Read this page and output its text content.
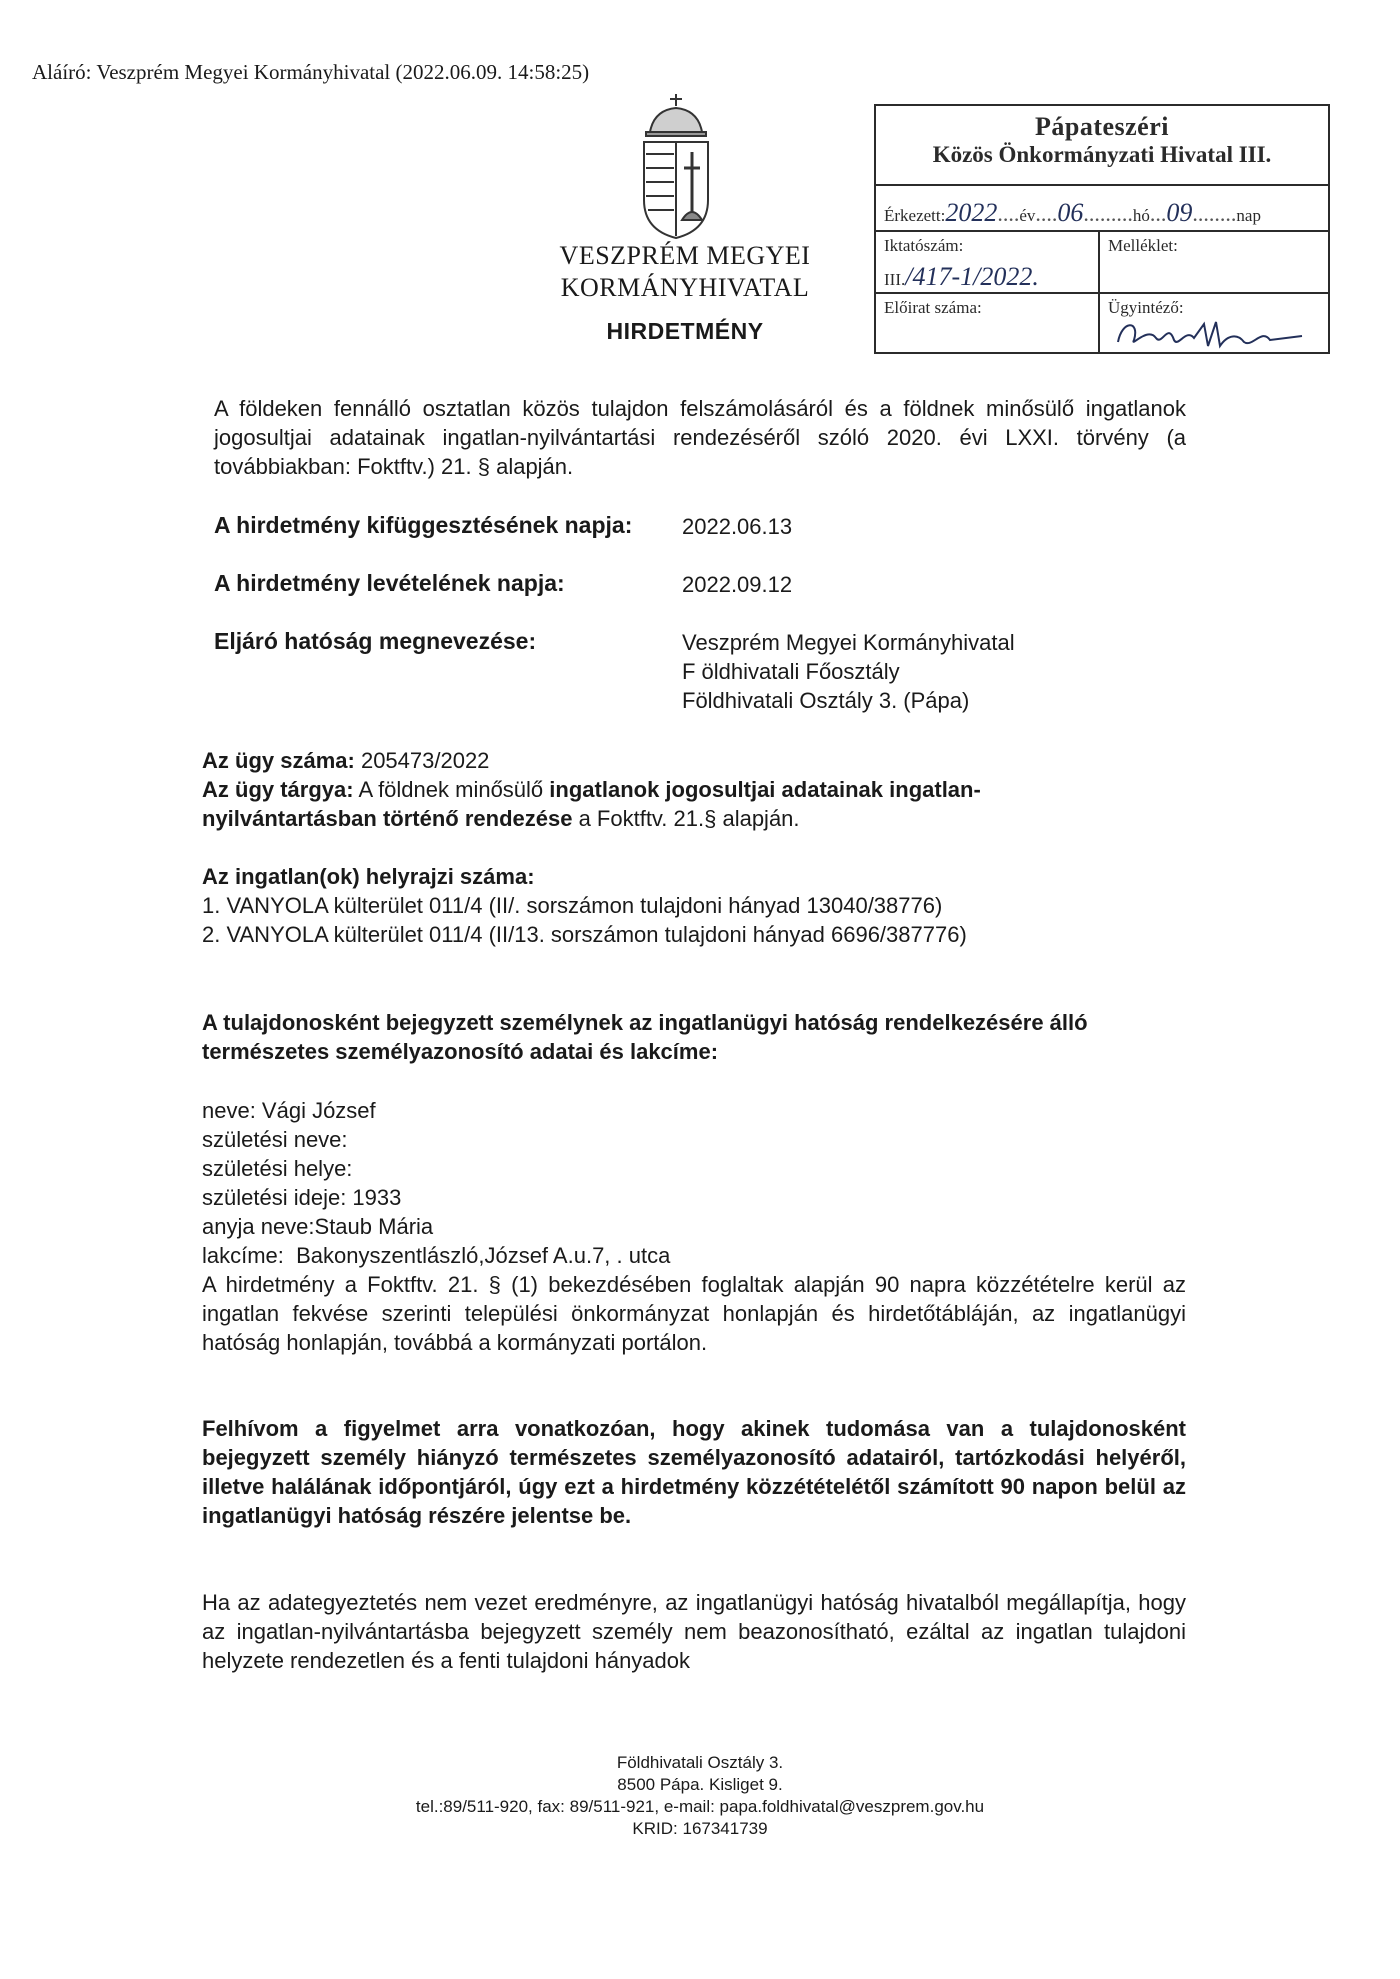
Aláíró: Veszprém Megyei Kormányhivatal (2022.06.09. 14:58:25)
VESZPRÉM MEGYEI
KORMÁNYHIVATAL
HIRDETMÉNY
Pápateszéri
Közös Önkormányzati Hivatal III.
Érkezett:2022....év....06.........hó...09........nap
Iktatószám:
III./417-1/2022.
Melléklet:
Előirat száma:	Ügyintéző:
A földeken fennálló osztatlan közös tulajdon felszámolásáról és a földnek minősülő ingatlanok jogosultjai adatainak ingatlan-nyilvántartási rendezéséről szóló 2020. évi LXXI. törvény (a továbbiakban: Foktftv.) 21. § alapján.
A hirdetmény kifüggesztésének napja: 2022.06.13
A hirdetmény levételének napja:	2022.09.12
Eljáró hatóság megnevezése:	Veszprém Megyei Kormányhivatal
F öldhivatali Főosztály
Földhivatali Osztály 3. (Pápa)
Az ügy száma: 205473/2022
Az ügy tárgya: A földnek minősülő ingatlanok jogosultjai adatainak ingatlan-
nyilvántartásban történő rendezése a Foktftv. 21.§ alapján.
Az ingatlan(ok) helyrajzi száma:
1. VANYOLA külterület 011/4 (II/. sorszámon tulajdoni hányad 13040/38776)
2. VANYOLA külterület 011/4 (II/13. sorszámon tulajdoni hányad 6696/387776)
A tulajdonosként bejegyzett személynek az ingatlanügyi hatóság rendelkezésére álló természetes személyazonosító adatai és lakcíme:
neve: Vági József
születési neve:
születési helye:
születési ideje: 1933
anyja neve:Staub Mária
lakcíme:  Bakonyszentlászló,József A.u.7, . utca
A hirdetmény a Foktftv. 21. § (1) bekezdésében foglaltak alapján 90 napra közzétételre kerül az ingatlan fekvése szerinti települési önkormányzat honlapján és hirdetőtábláján, az ingatlanügyi hatóság honlapján, továbbá a kormányzati portálon.
Felhívom a figyelmet arra vonatkozóan, hogy akinek tudomása van a tulajdonosként bejegyzett személy hiányzó természetes személyazonosító adatairól, tartózkodási helyéről, illetve halálának időpontjáról, úgy ezt a hirdetmény közzétételétől számított 90 napon belül az ingatlanügyi hatóság részére jelentse be.
Ha az adategyeztetés nem vezet eredményre, az ingatlanügyi hatóság hivatalból megállapítja, hogy az ingatlan-nyilvántartásba bejegyzett személy nem beazonosítható, ezáltal az ingatlan tulajdoni helyzete rendezetlen és a fenti tulajdoni hányadok
Földhivatali Osztály 3.
8500 Pápa. Kisliget 9.
tel.:89/511-920, fax: 89/511-921, e-mail: papa.foldhivatal@veszprem.gov.hu
KRID: 167341739
